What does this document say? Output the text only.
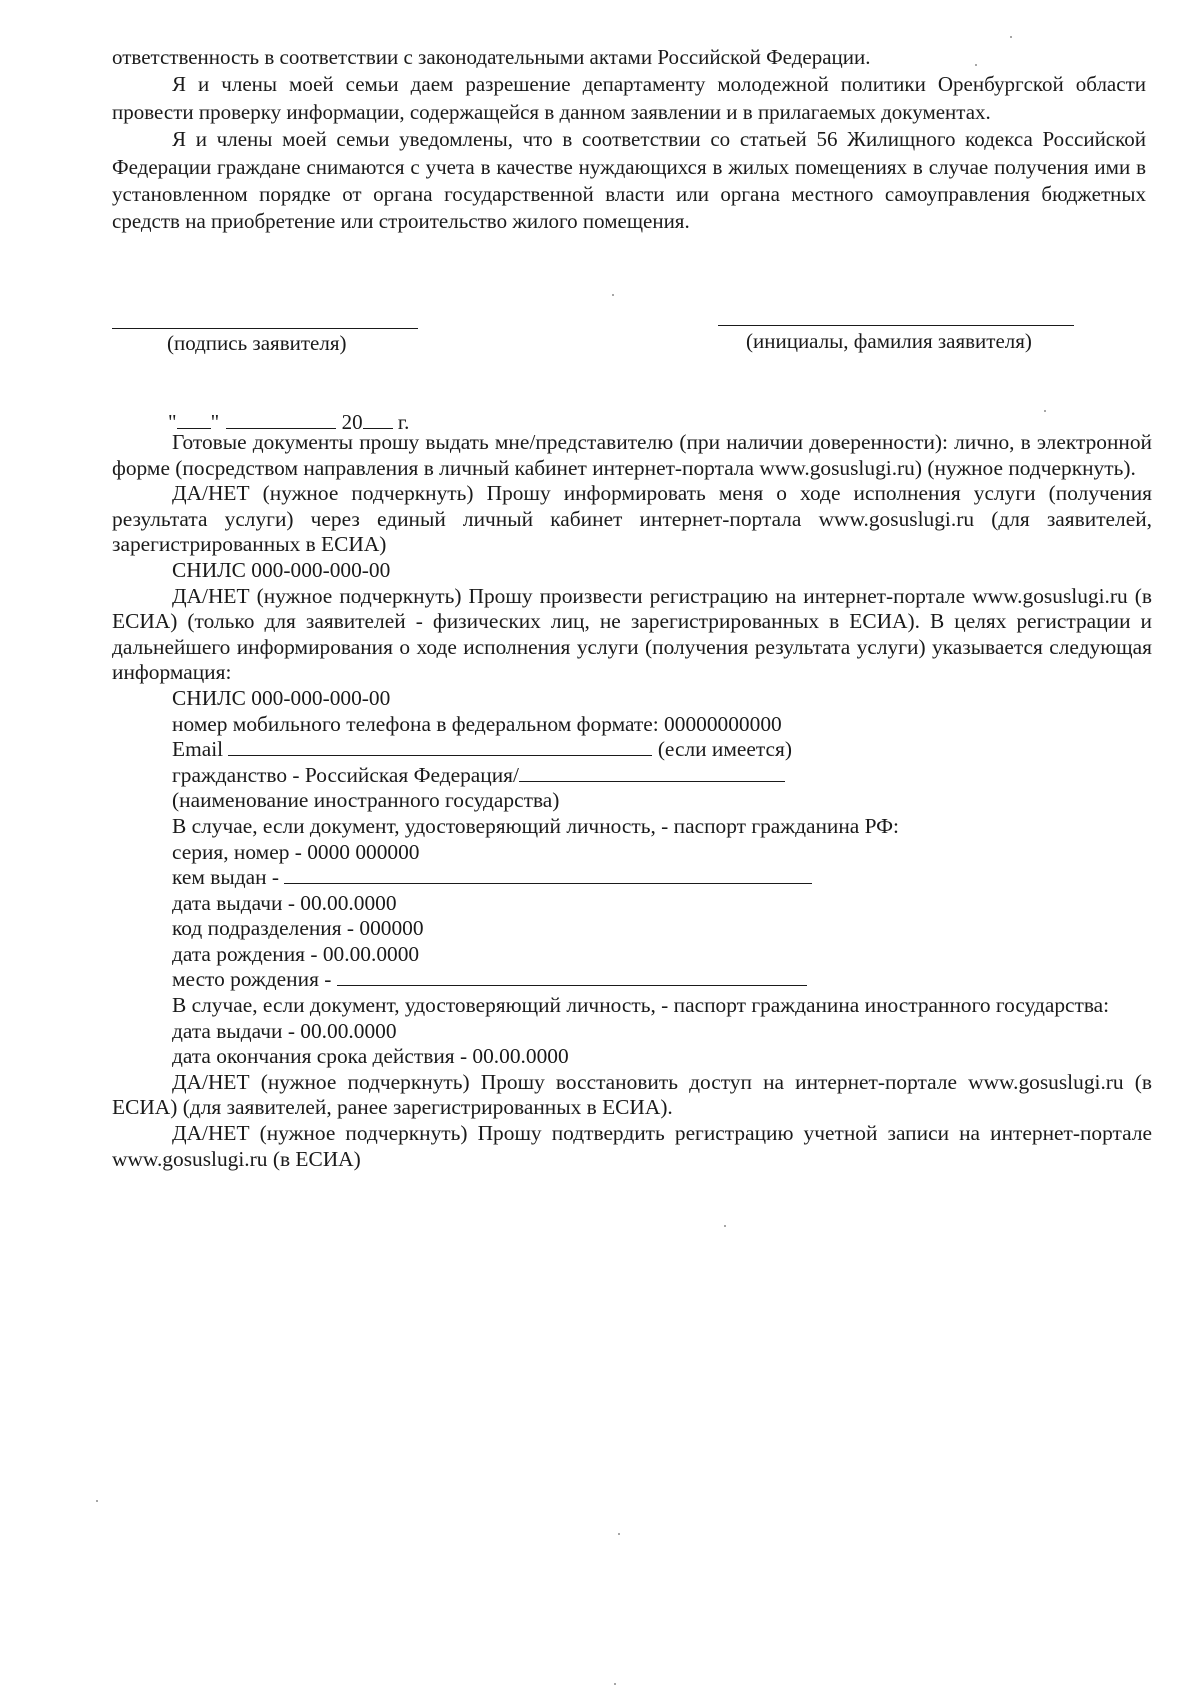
ответственность в соответствии с законодательными актами Российской Федерации.

Я и члены моей семьи даем разрешение департаменту молодежной политики Оренбургской области провести проверку информации, содержащейся в данном заявлении и в прилагаемых документах.

Я и члены моей семьи уведомлены, что в соответствии со статьей 56 Жилищного кодекса Российской Федерации граждане снимаются с учета в качестве нуждающихся в жилых помещениях в случае получения ими в установленном порядке от органа государственной власти или органа местного самоуправления бюджетных средств на приобретение или строительство жилого помещения.

(подпись заявителя)	(инициалы, фамилия заявителя)
" "	20 г.

Готовые документы прошу выдать мне/представителю (при наличии доверенности): лично, в электронной форме (посредством направления в личный кабинет интернет-портала www.gosuslugi.ru) (нужное подчеркнуть).

ДА/НЕТ (нужное подчеркнуть) Прошу информировать меня о ходе исполнения услуги (получения результата услуги) через единый личный кабинет интернет-портала www.gosuslugi.ru (для заявителей, зарегистрированных в ЕСИА)

СНИЛС 000-000-000-00

ДА/НЕТ (нужное подчеркнуть) Прошу произвести регистрацию на интернет-портале www.gosuslugi.ru (в ЕСИА) (только для заявителей - физических лиц, не зарегистрированных в ЕСИА). В целях регистрации и дальнейшего информирования о ходе исполнения услуги (получения результата услуги) указывается следующая информация:

СНИЛС 000-000-000-00

номер мобильного телефона в федеральном формате: 00000000000

Email	(если имеется)

гражданство - Российская Федерация/

(наименование иностранного государства)

В случае, если документ, удостоверяющий личность, - паспорт гражданина РФ:

серия, номер - 0000 000000

кем выдан -

дата выдачи - 00.00.0000

код подразделения - 000000

дата рождения - 00.00.0000

место рождения -

В случае, если документ, удостоверяющий личность, - паспорт гражданина иностранного государства:

дата выдачи - 00.00.0000

дата окончания срока действия - 00.00.0000

ДА/НЕТ (нужное подчеркнуть) Прошу восстановить доступ на интернет-портале www.gosuslugi.ru (в ЕСИА) (для заявителей, ранее зарегистрированных в ЕСИА).

ДА/НЕТ (нужное подчеркнуть) Прошу подтвердить регистрацию учетной записи на интернет-портале www.gosuslugi.ru (в ЕСИА)
